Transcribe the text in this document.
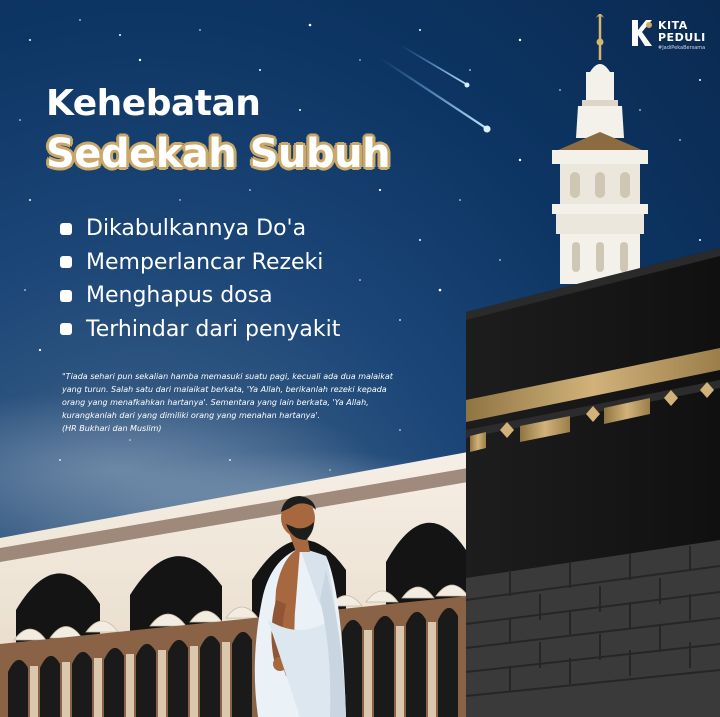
KITA
PEDULI
#JadiPekaBersama
Kehebatan
Sedekah Subuh
Dikabulkannya Do'a
Memperlancar Rezeki
Menghapus dosa
Terhindar dari penyakit
"Tiada sehari pun sekalian hamba memasuki suatu pagi, kecuali ada dua malaikat
yang turun. Salah satu dari malaikat berkata, 'Ya Allah, berikanlah rezeki kepada
orang yang menafkahkan hartanya'. Sementara yang lain berkata, 'Ya Allah,
kurangkanlah dari yang dimiliki orang yang menahan hartanya'.
(HR Bukhari dan Muslim)
